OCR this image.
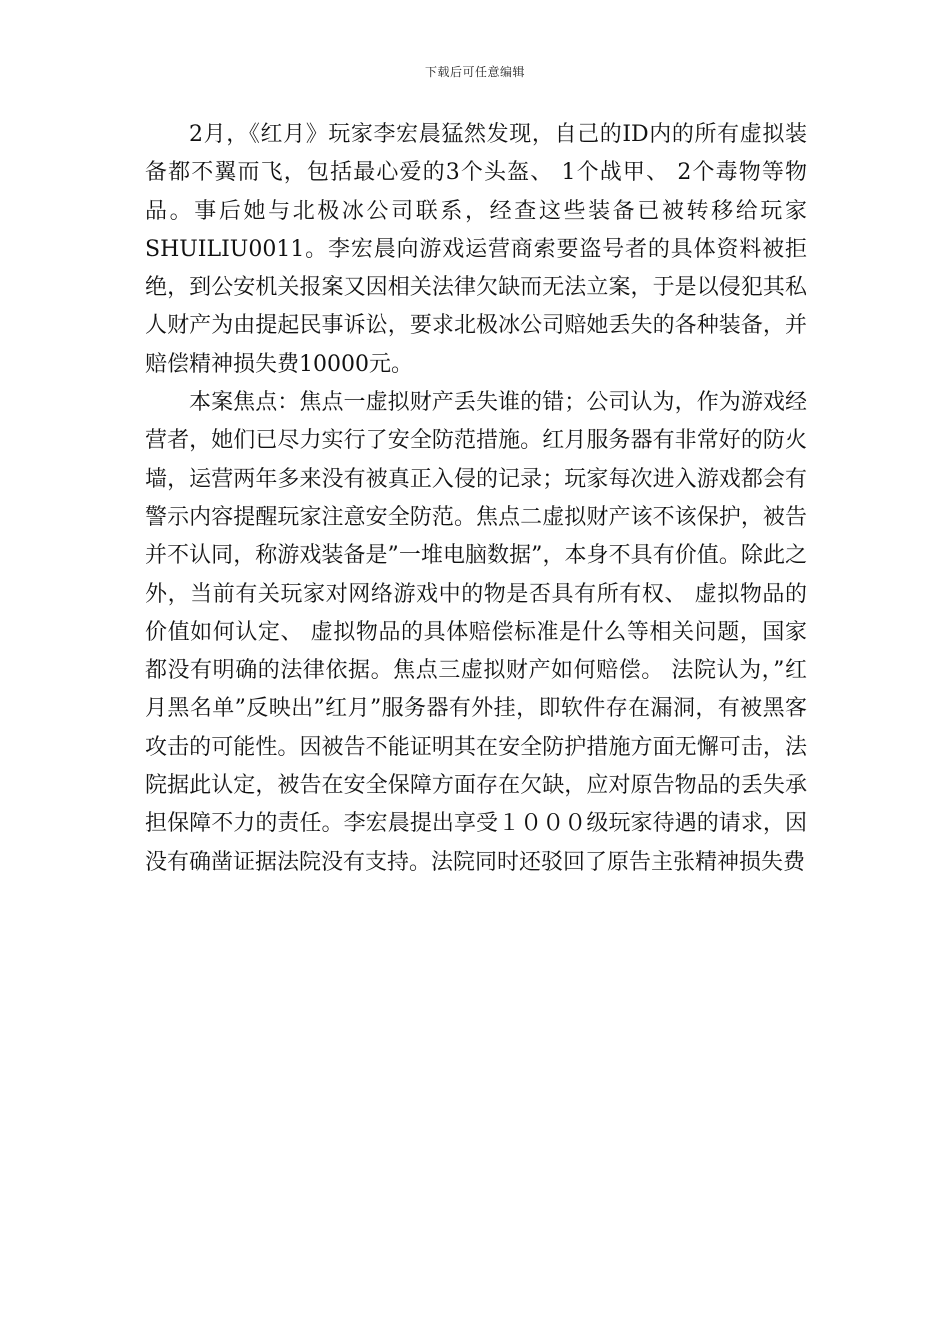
下载后可任意编辑

2月，《红月》玩家李宏晨猛然发现，自己的ID内的所有虚拟装备都不翼而飞，包括最心爱的3个头盔、 1个战甲、 2个毒物等物品。事后她与北极冰公司联系，经查这些装备已被转移给玩家SHUILIU0011。李宏晨向游戏运营商索要盗号者的具体资料被拒绝，到公安机关报案又因相关法律欠缺而无法立案，于是以侵犯其私人财产为由提起民事诉讼，要求北极冰公司赔她丢失的各种装备，并赔偿精神损失费10000元。

本案焦点：焦点一虚拟财产丢失谁的错；公司认为，作为游戏经营者，她们已尽力实行了安全防范措施。红月服务器有非常好的防火墙，运营两年多来没有被真正入侵的记录；玩家每次进入游戏都会有警示内容提醒玩家注意安全防范。焦点二虚拟财产该不该保护，被告并不认同，称游戏装备是”一堆电脑数据”，本身不具有价值。除此之外，当前有关玩家对网络游戏中的物是否具有所有权、 虚拟物品的价值如何认定、 虚拟物品的具体赔偿标准是什么等相关问题，国家都没有明确的法律依据。焦点三虚拟财产如何赔偿。 法院认为，”红月黑名单”反映出”红月”服务器有外挂，即软件存在漏洞，有被黑客攻击的可能性。因被告不能证明其在安全防护措施方面无懈可击，法院据此认定，被告在安全保障方面存在欠缺，应对原告物品的丢失承担保障不力的责任。李宏晨提出享受１０００级玩家待遇的请求，因没有确凿证据法院没有支持。法院同时还驳回了原告主张精神损失费
